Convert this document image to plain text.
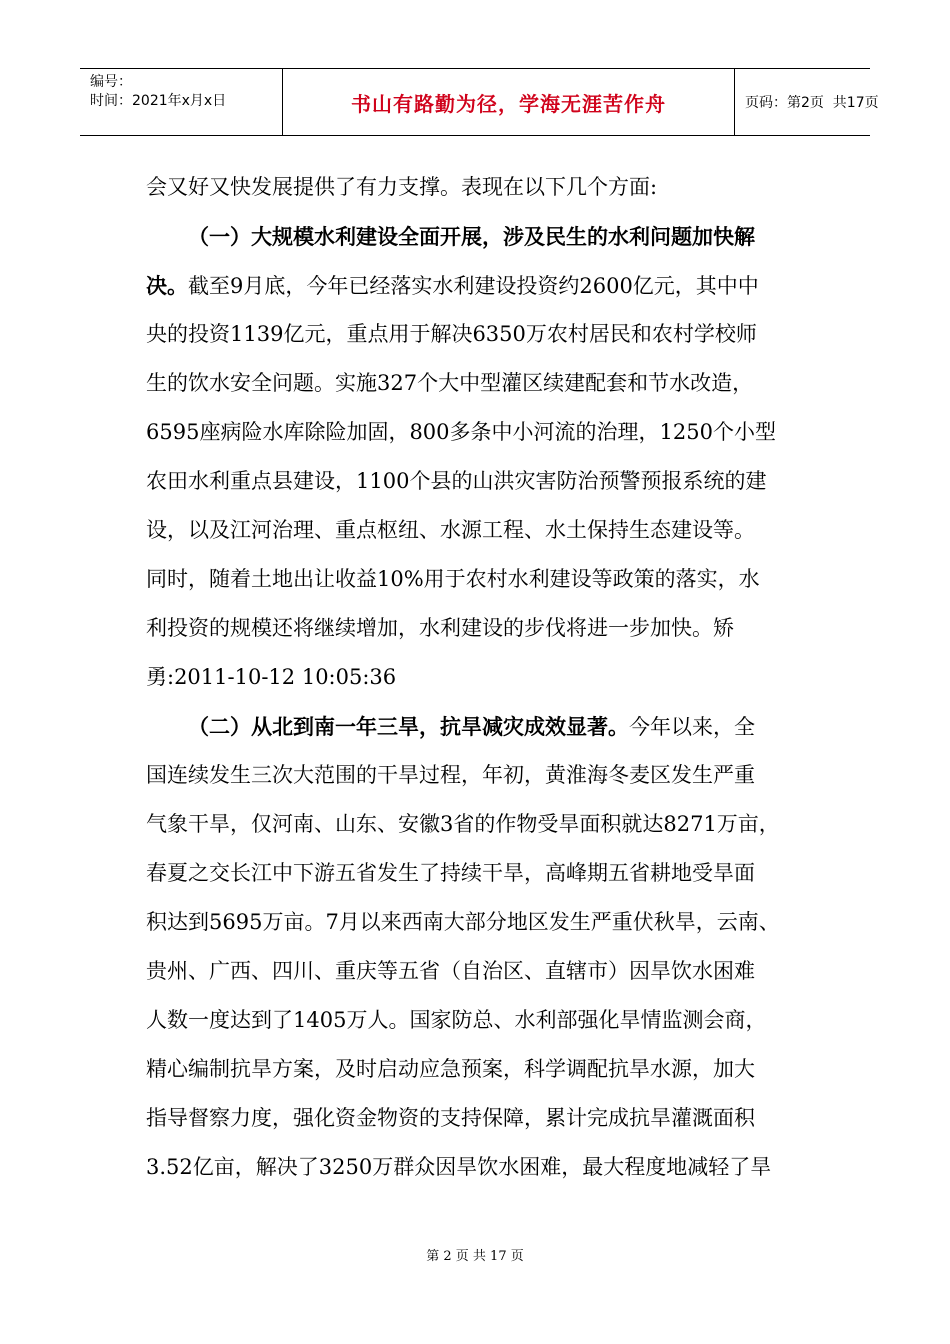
编号：
时间：2021年x月x日	书山有路勤为径，学海无涯苦作舟	页码：第2页  共17页
会又好又快发展提供了有力支撑。表现在以下几个方面:
（一）大规模水利建设全面开展，涉及民生的水利问题加快解
决。截至9月底，今年已经落实水利建设投资约2600亿元，其中中
央的投资1139亿元，重点用于解决6350万农村居民和农村学校师
生的饮水安全问题。实施327个大中型灌区续建配套和节水改造，
6595座病险水库除险加固，800多条中小河流的治理，1250个小型
农田水利重点县建设，1100个县的山洪灾害防治预警预报系统的建
设，以及江河治理、重点枢纽、水源工程、水土保持生态建设等。
同时，随着土地出让收益10%用于农村水利建设等政策的落实，水
利投资的规模还将继续增加，水利建设的步伐将进一步加快。矫
勇:2011-10-12 10:05:36
（二）从北到南一年三旱，抗旱减灾成效显著。今年以来，全
国连续发生三次大范围的干旱过程，年初，黄淮海冬麦区发生严重
气象干旱，仅河南、山东、安徽3省的作物受旱面积就达8271万亩，
春夏之交长江中下游五省发生了持续干旱，高峰期五省耕地受旱面
积达到5695万亩。7月以来西南大部分地区发生严重伏秋旱，云南、
贵州、广西、四川、重庆等五省（自治区、直辖市）因旱饮水困难
人数一度达到了1405万人。国家防总、水利部强化旱情监测会商，
精心编制抗旱方案，及时启动应急预案，科学调配抗旱水源，加大
指导督察力度，强化资金物资的支持保障，累计完成抗旱灌溉面积
3.52亿亩，解决了3250万群众因旱饮水困难，最大程度地减轻了旱
第 2 页 共 17 页
